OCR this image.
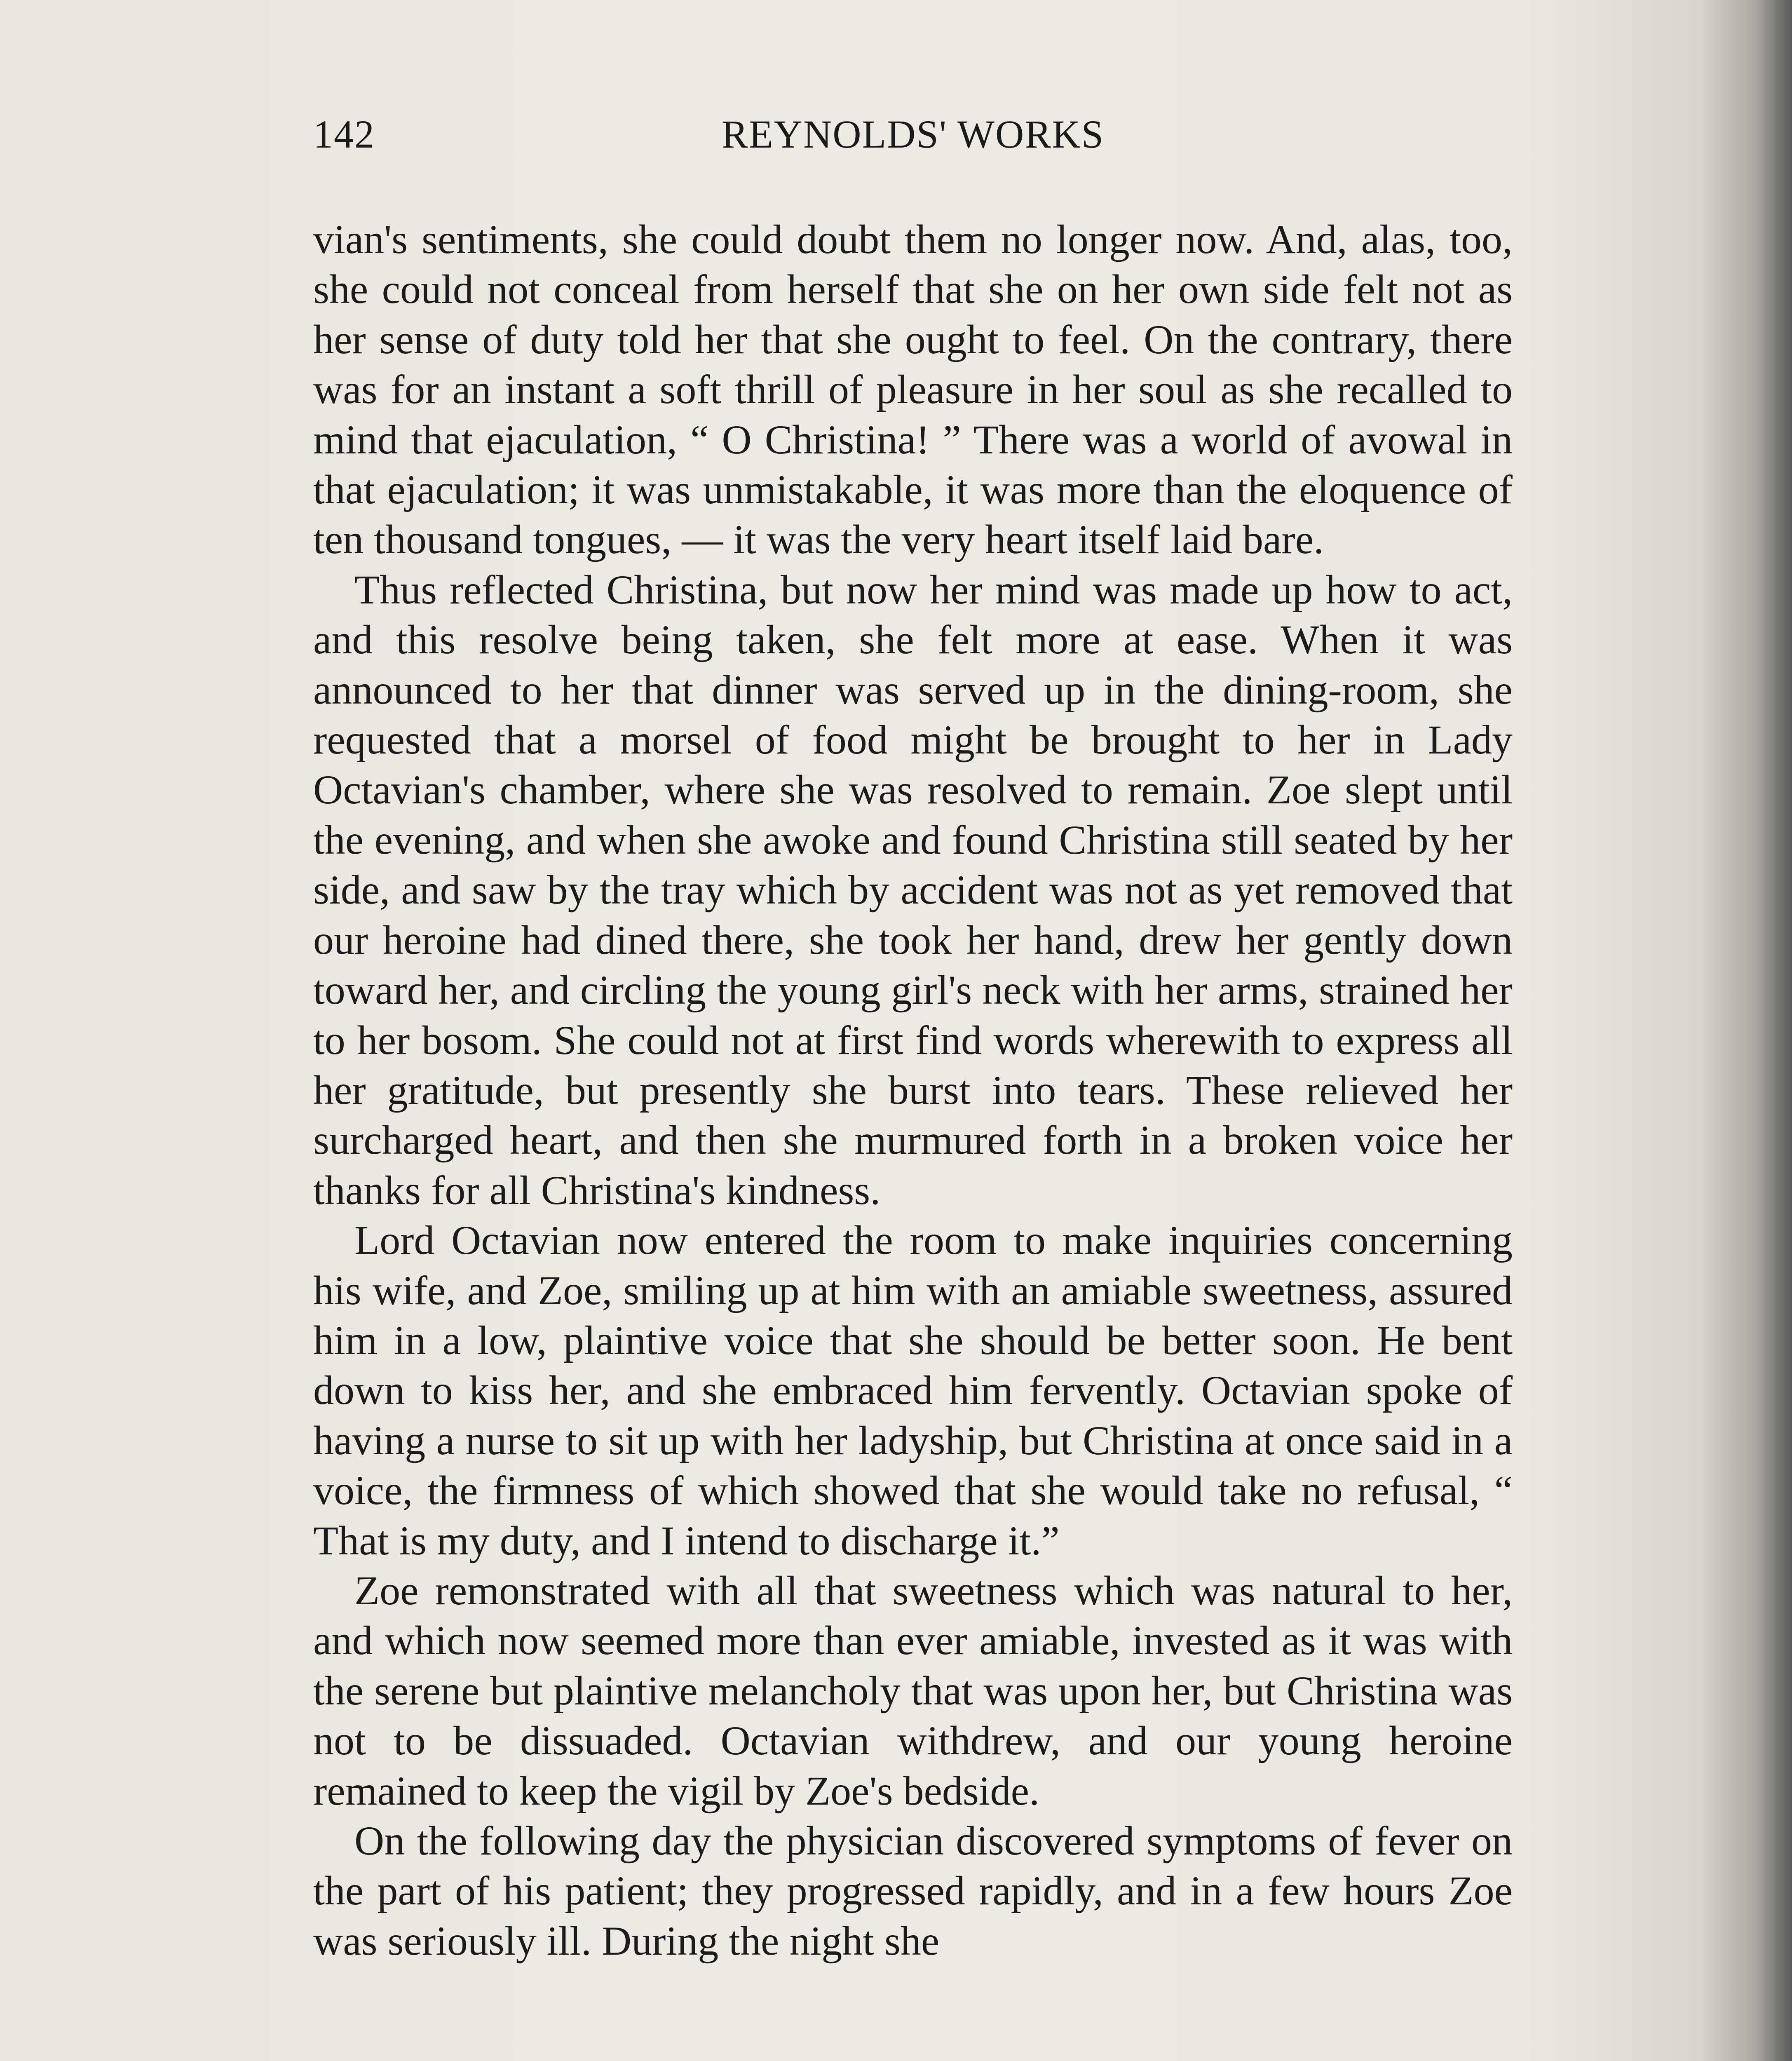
142	REYNOLDS' WORKS

vian's sentiments, she could doubt them no longer now. And, alas, too, she could not conceal from herself that she on her own side felt not as her sense of duty told her that she ought to feel. On the contrary, there was for an instant a soft thrill of pleasure in her soul as she recalled to mind that ejaculation, “ O Christina! ” There was a world of avowal in that ejaculation; it was unmistakable, it was more than the eloquence of ten thousand tongues, — it was the very heart itself laid bare.

Thus reflected Christina, but now her mind was made up how to act, and this resolve being taken, she felt more at ease. When it was announced to her that dinner was served up in the dining-room, she requested that a morsel of food might be brought to her in Lady Octavian's chamber, where she was resolved to remain. Zoe slept until the evening, and when she awoke and found Christina still seated by her side, and saw by the tray which by accident was not as yet removed that our heroine had dined there, she took her hand, drew her gently down toward her, and circling the young girl's neck with her arms, strained her to her bosom. She could not at first find words wherewith to express all her gratitude, but presently she burst into tears. These relieved her surcharged heart, and then she murmured forth in a broken voice her thanks for all Christina's kindness.

Lord Octavian now entered the room to make inquiries concerning his wife, and Zoe, smiling up at him with an amiable sweetness, assured him in a low, plaintive voice that she should be better soon. He bent down to kiss her, and she embraced him fervently. Octavian spoke of having a nurse to sit up with her ladyship, but Christina at once said in a voice, the firmness of which showed that she would take no refusal, “ That is my duty, and I intend to discharge it.”

Zoe remonstrated with all that sweetness which was natural to her, and which now seemed more than ever amiable, invested as it was with the serene but plaintive melancholy that was upon her, but Christina was not to be dissuaded. Octavian withdrew, and our young heroine remained to keep the vigil by Zoe's bedside.

On the following day the physician discovered symptoms of fever on the part of his patient; they progressed rapidly, and in a few hours Zoe was seriously ill. During the night she
